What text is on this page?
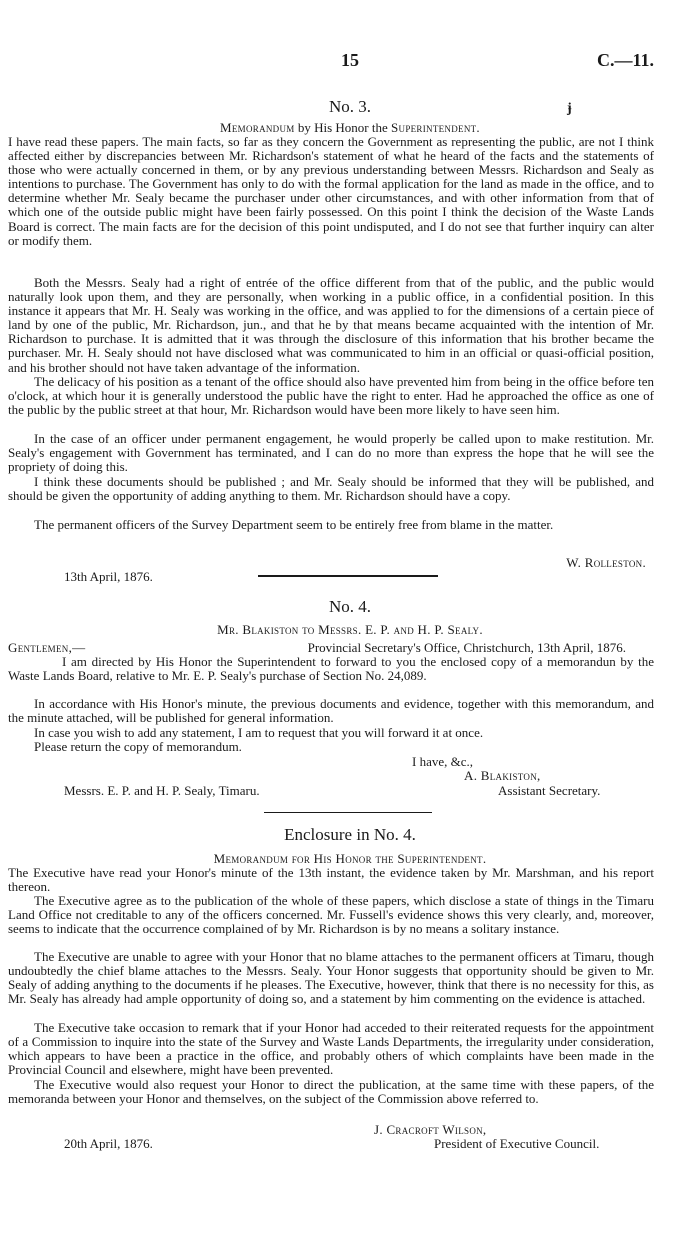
15	C.—11.
ɉ
No. 3.
Memorandum by His Honor the Superintendent.

I have read these papers. The main facts, so far as they concern the Government as representing the public, are not I think affected either by discrepancies between Mr. Richardson's statement of what he heard of the facts and the statements of those who were actually concerned in them, or by any previous understanding between Messrs. Richardson and Sealy as intentions to purchase. The Government has only to do with the formal application for the land as made in the office, and to determine whether Mr. Sealy became the purchaser under other circumstances, and with other information from that of which one of the outside public might have been fairly possessed. On this point I think the decision of the Waste Lands Board is correct. The main facts are for the decision of this point undisputed, and I do not see that further inquiry can alter or modify them.

Both the Messrs. Sealy had a right of entrée of the office different from that of the public, and the public would naturally look upon them, and they are personally, when working in a public office, in a confidential position. In this instance it appears that Mr. H. Sealy was working in the office, and was applied to for the dimensions of a certain piece of land by one of the public, Mr. Richardson, jun., and that he by that means became acquainted with the intention of Mr. Richardson to purchase. It is admitted that it was through the disclosure of this information that his brother became the purchaser. Mr. H. Sealy should not have disclosed what was communicated to him in an official or quasi-official position, and his brother should not have taken advantage of the information.

The delicacy of his position as a tenant of the office should also have prevented him from being in the office before ten o'clock, at which hour it is generally understood the public have the right to enter. Had he approached the office as one of the public by the public street at that hour, Mr. Richardson would have been more likely to have seen him.

In the case of an officer under permanent engagement, he would properly be called upon to make restitution. Mr. Sealy's engagement with Government has terminated, and I can do no more than express the hope that he will see the propriety of doing this.

I think these documents should be published ; and Mr. Sealy should be informed that they will be published, and should be given the opportunity of adding anything to them. Mr. Richardson should have a copy.

The permanent officers of the Survey Department seem to be entirely free from blame in the matter.

W. Rolleston.
13th April, 1876.
No. 4.
Mr. Blakiston to Messrs. E. P. and H. P. Sealy.
Gentlemen,—	Provincial Secretary's Office, Christchurch, 13th April, 1876.

I am directed by His Honor the Superintendent to forward to you the enclosed copy of a memorandun by the Waste Lands Board, relative to Mr. E. P. Sealy's purchase of Section No. 24,089.

In accordance with His Honor's minute, the previous documents and evidence, together with this memorandum, and the minute attached, will be published for general information.

In case you wish to add any statement, I am to request that you will forward it at once.

Please return the copy of memorandum.

I have, &c.,
A. Blakiston,
Messrs. E. P. and H. P. Sealy, Timaru.	Assistant Secretary.
Enclosure in No. 4.
Memorandum for His Honor the Superintendent.

The Executive have read your Honor's minute of the 13th instant, the evidence taken by Mr. Marshman, and his report thereon.

The Executive agree as to the publication of the whole of these papers, which disclose a state of things in the Timaru Land Office not creditable to any of the officers concerned. Mr. Fussell's evidence shows this very clearly, and, moreover, seems to indicate that the occurrence complained of by Mr. Richardson is by no means a solitary instance.

The Executive are unable to agree with your Honor that no blame attaches to the permanent officers at Timaru, though undoubtedly the chief blame attaches to the Messrs. Sealy. Your Honor suggests that opportunity should be given to Mr. Sealy of adding anything to the documents if he pleases. The Executive, however, think that there is no necessity for this, as Mr. Sealy has already had ample opportunity of doing so, and a statement by him commenting on the evidence is attached.

The Executive take occasion to remark that if your Honor had acceded to their reiterated requests for the appointment of a Commission to inquire into the state of the Survey and Waste Lands Departments, the irregularity under consideration, which appears to have been a practice in the office, and probably others of which complaints have been made in the Provincial Council and elsewhere, might have been prevented.

The Executive would also request your Honor to direct the publication, at the same time with these papers, of the memoranda between your Honor and themselves, on the subject of the Commission above referred to.

J. Cracroft Wilson,
20th April, 1876.	President of Executive Council.
